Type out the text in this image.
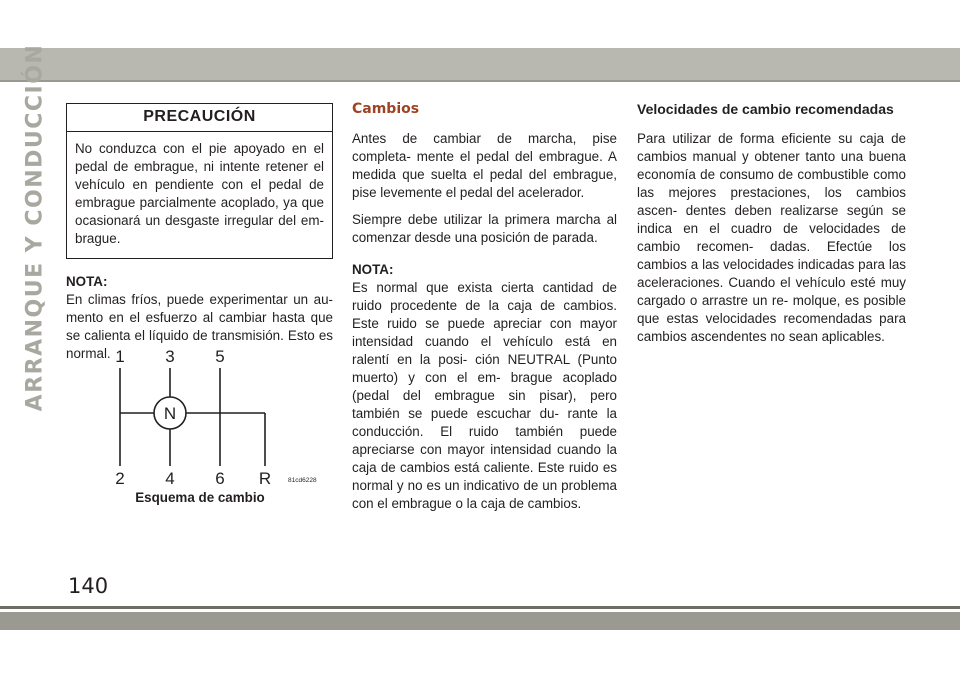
ARRANQUE Y CONDUCCIÓN	PRECAUCIÓN
No conduzca con el pie apoyado en el pedal de embrague, ni intente retener el vehículo en pendiente con el pedal de embrague parcialmente acoplado, ya que ocasionará un desgaste irregular del em- brague.
NOTA:

En climas fríos, puede experimentar un au- mento en el esfuerzo al cambiar hasta que se calienta el líquido de transmisión. Esto es normal. 1 3 5
2 4 6 R
N
81cd6228
Esquema de cambio
Cambios

Antes de cambiar de marcha, pise completa- mente el pedal del embrague. A medida que suelta el pedal del embrague, pise levemente el pedal del acelerador.

Siempre debe utilizar la primera marcha al comenzar desde una posición de parada.

NOTA:

Es normal que exista cierta cantidad de ruido procedente de la caja de cambios. Este ruido se puede apreciar con mayor intensidad cuando el vehículo está en ralentí en la posi- ción NEUTRAL (Punto muerto) y con el em- brague acoplado (pedal del embrague sin pisar), pero también se puede escuchar du- rante la conducción. El ruido también puede apreciarse con mayor intensidad cuando la caja de cambios está caliente. Este ruido es normal y no es un indicativo de un problema con el embrague o la caja de cambios.

Velocidades de cambio recomendadas

Para utilizar de forma eficiente su caja de cambios manual y obtener tanto una buena economía de consumo de combustible como las mejores prestaciones, los cambios ascen- dentes deben realizarse según se indica en el cuadro de velocidades de cambio recomen- dadas. Efectúe los cambios a las velocidades indicadas para las aceleraciones. Cuando el vehículo esté muy cargado o arrastre un re- molque, es posible que estas velocidades recomendadas para cambios ascendentes no sean aplicables.

140
